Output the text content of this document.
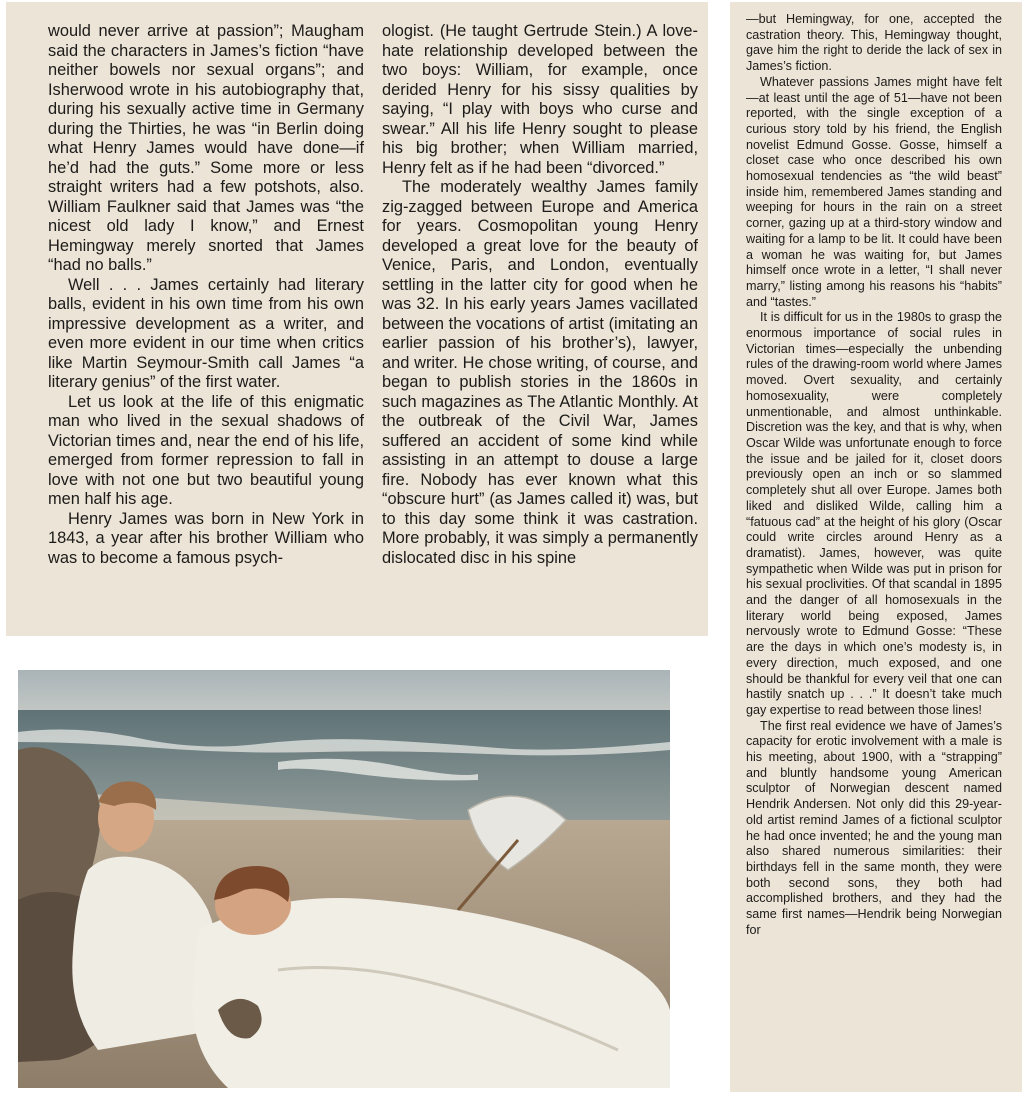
would never arrive at passion”; Maugham said the characters in James’s fiction “have neither bowels nor sexual organs”; and Isherwood wrote in his autobiography that, during his sexually active time in Germany during the Thirties, he was “in Berlin doing what Henry James would have done—if he’d had the guts.” Some more or less straight writers had a few potshots, also. William Faulkner said that James was “the nicest old lady I know,” and Ernest Hemingway merely snorted that James “had no balls.”

Well . . . James certainly had literary balls, evident in his own time from his own impressive development as a writer, and even more evident in our time when critics like Martin Seymour-Smith call James “a literary genius” of the first water.

Let us look at the life of this enigmatic man who lived in the sexual shadows of Victorian times and, near the end of his life, emerged from former repression to fall in love with not one but two beautiful young men half his age.

Henry James was born in New York in 1843, a year after his brother William who was to become a famous psych-

ologist. (He taught Gertrude Stein.) A love-hate relationship developed between the two boys: William, for example, once derided Henry for his sissy qualities by saying, “I play with boys who curse and swear.” All his life Henry sought to please his big brother; when William married, Henry felt as if he had been “divorced.”

The moderately wealthy James family zig-zagged between Europe and America for years. Cosmopolitan young Henry developed a great love for the beauty of Venice, Paris, and London, eventually settling in the latter city for good when he was 32. In his early years James vacillated between the vocations of artist (imitating an earlier passion of his brother’s), lawyer, and writer. He chose writing, of course, and began to publish stories in the 1860s in such magazines as The Atlantic Monthly. At the outbreak of the Civil War, James suffered an accident of some kind while assisting in an attempt to douse a large fire. Nobody has ever known what this “obscure hurt” (as James called it) was, but to this day some think it was castration. More probably, it was simply a permanently dislocated disc in his spine

—but Hemingway, for one, accepted the castration theory. This, Hemingway thought, gave him the right to deride the lack of sex in James’s fiction.

Whatever passions James might have felt—at least until the age of 51—have not been reported, with the single exception of a curious story told by his friend, the English novelist Edmund Gosse. Gosse, himself a closet case who once described his own homosexual tendencies as “the wild beast” inside him, remembered James standing and weeping for hours in the rain on a street corner, gazing up at a third-story window and waiting for a lamp to be lit. It could have been a woman he was waiting for, but James himself once wrote in a letter, “I shall never marry,” listing among his reasons his “habits” and “tastes.”

It is difficult for us in the 1980s to grasp the enormous importance of social rules in Victorian times—especially the unbending rules of the drawing-room world where James moved. Overt sexuality, and certainly homosexuality, were completely unmentionable, and almost unthinkable. Discretion was the key, and that is why, when Oscar Wilde was unfortunate enough to force the issue and be jailed for it, closet doors previously open an inch or so slammed completely shut all over Europe. James both liked and disliked Wilde, calling him a “fatuous cad” at the height of his glory (Oscar could write circles around Henry as a dramatist). James, however, was quite sympathetic when Wilde was put in prison for his sexual proclivities. Of that scandal in 1895 and the danger of all homosexuals in the literary world being exposed, James nervously wrote to Edmund Gosse: “These are the days in which one’s modesty is, in every direction, much exposed, and one should be thankful for every veil that one can hastily snatch up . . .” It doesn’t take much gay expertise to read between those lines!

The first real evidence we have of James’s capacity for erotic involvement with a male is his meeting, about 1900, with a “strapping” and bluntly handsome young American sculptor of Norwegian descent named Hendrik Andersen. Not only did this 29-year-old artist remind James of a fictional sculptor he had once invented; he and the young man also shared numerous similarities: their birthdays fell in the same month, they were both second sons, they both had accomplished brothers, and they had the same first names—Hendrik being Norwegian for
